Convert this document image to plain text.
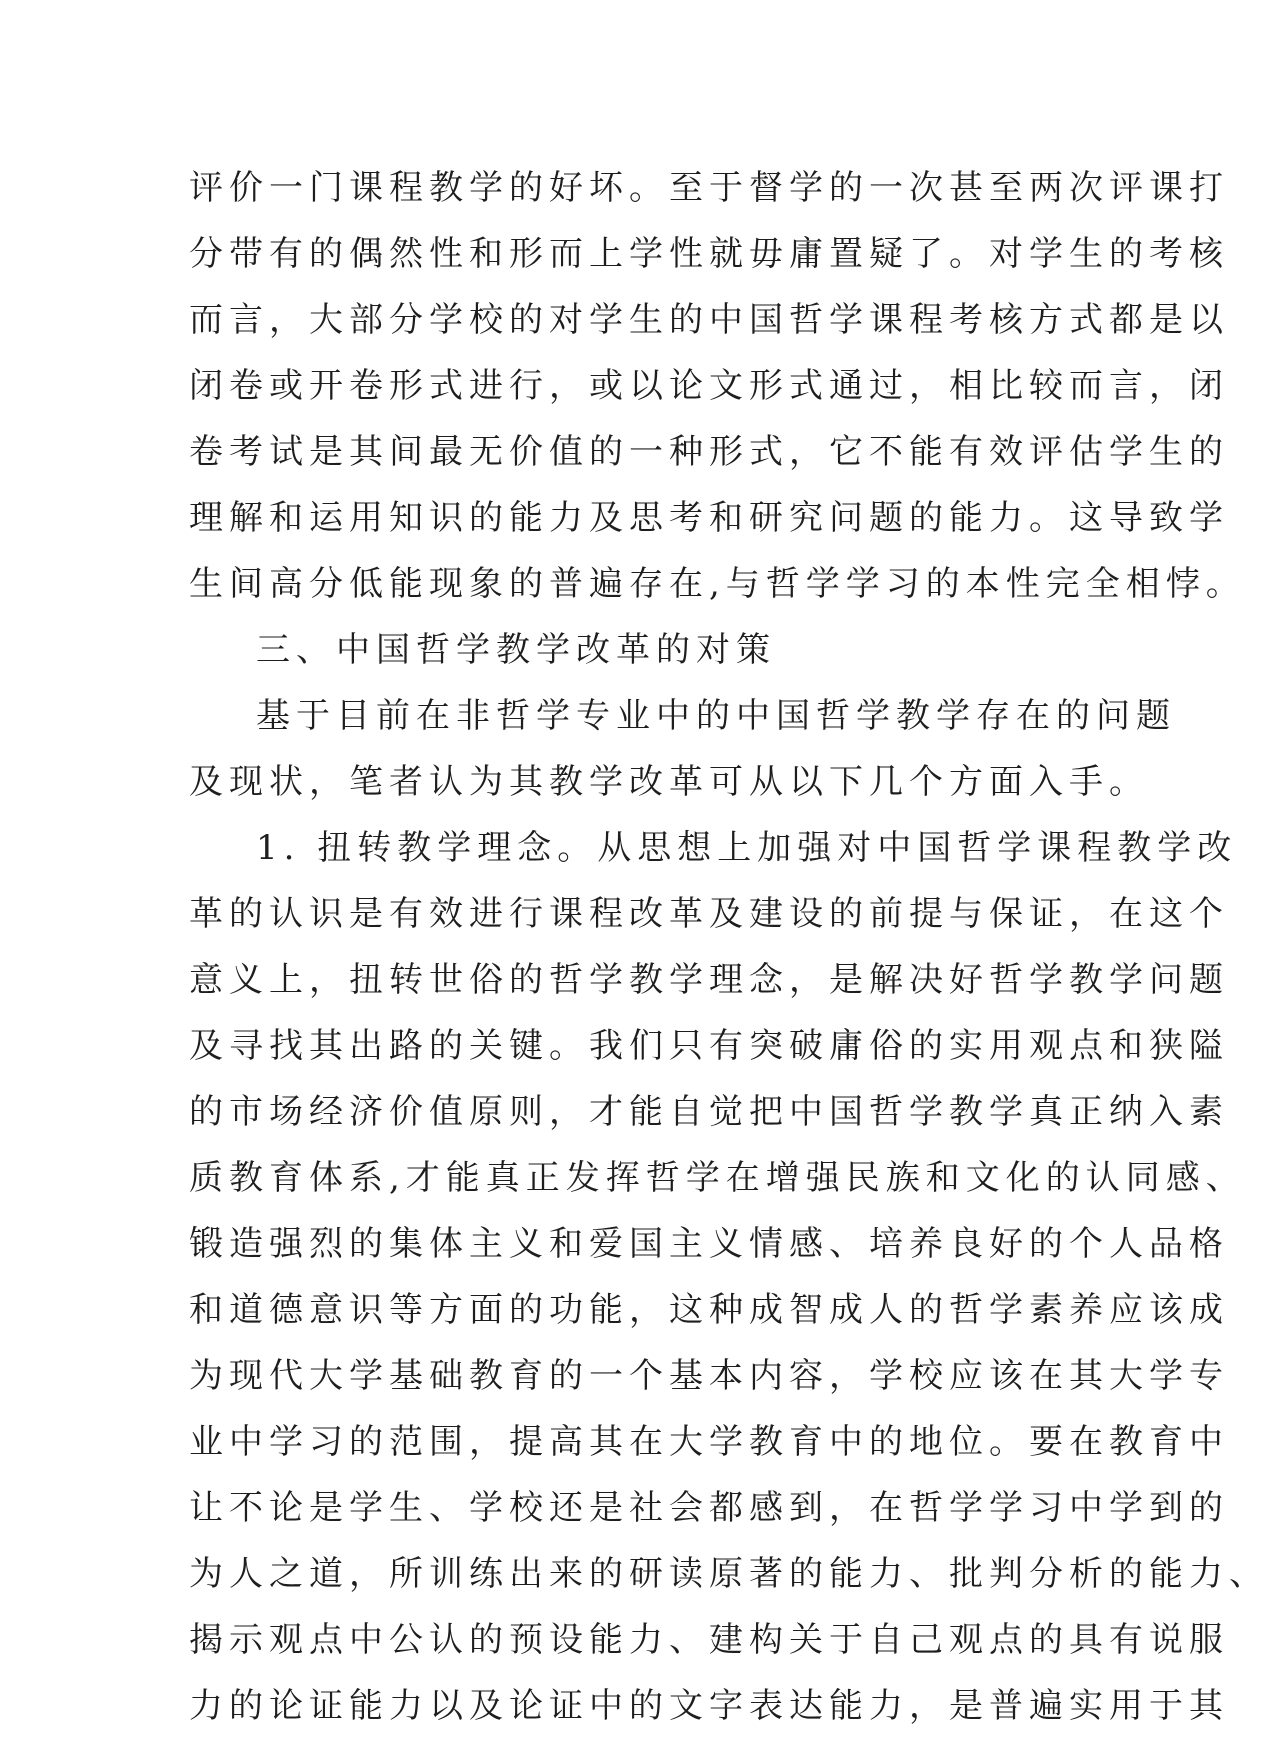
评价一门课程教学的好坏。至于督学的一次甚至两次评课打
分带有的偶然性和形而上学性就毋庸置疑了。对学生的考核
而言，大部分学校的对学生的中国哲学课程考核方式都是以
闭卷或开卷形式进行，或以论文形式通过，相比较而言，闭
卷考试是其间最无价值的一种形式，它不能有效评估学生的
理解和运用知识的能力及思考和研究问题的能力。这导致学
生间高分低能现象的普遍存在,与哲学学习的本性完全相悖。
三、中国哲学教学改革的对策
基于目前在非哲学专业中的中国哲学教学存在的问题
及现状，笔者认为其教学改革可从以下几个方面入手。
1. 扭转教学理念。从思想上加强对中国哲学课程教学改
革的认识是有效进行课程改革及建设的前提与保证，在这个
意义上，扭转世俗的哲学教学理念，是解决好哲学教学问题
及寻找其出路的关键。我们只有突破庸俗的实用观点和狭隘
的市场经济价值原则，才能自觉把中国哲学教学真正纳入素
质教育体系,才能真正发挥哲学在增强民族和文化的认同感、
锻造强烈的集体主义和爱国主义情感、培养良好的个人品格
和道德意识等方面的功能，这种成智成人的哲学素养应该成
为现代大学基础教育的一个基本内容，学校应该在其大学专
业中学习的范围，提高其在大学教育中的地位。要在教育中
让不论是学生、学校还是社会都感到，在哲学学习中学到的
为人之道，所训练出来的研读原著的能力、批判分析的能力、
揭示观点中公认的预设能力、建构关于自己观点的具有说服
力的论证能力以及论证中的文字表达能力，是普遍实用于其
